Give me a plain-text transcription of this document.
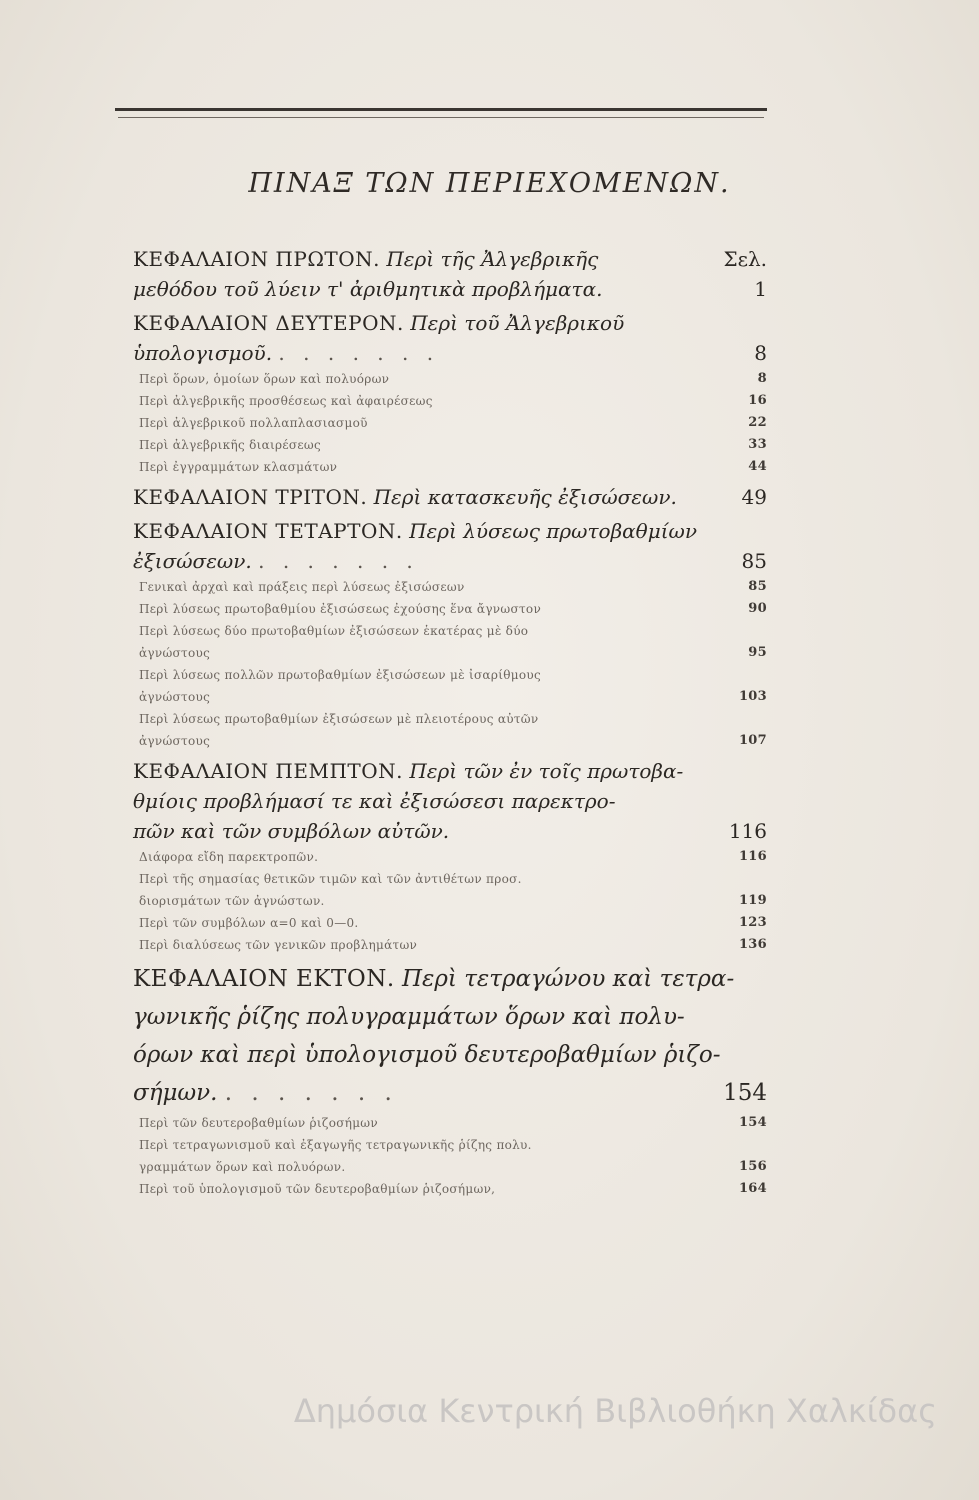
ΠΙΝΑΞ ΤΩΝ ΠΕΡΙΕΧΟΜΕΝΩΝ.
ΚΕΦΑΛΑΙΟΝ ΠΡΩΤΟΝ. Περὶ τῆς Ἀλγεβρικῆς	Σελ.
μεθόδου τοῦ λύειν τ' ἀριθμητικὰ προβλήματα.	1
ΚΕΦΑΛΑΙΟΝ ΔΕΥΤΕΡΟΝ. Περὶ τοῦ Ἀλγεβρικοῦ
ὑπολογισμοῦ. . . . . . . .	8
Περὶ ὅρων, ὁμοίων ὅρων καὶ πολυόρων	8
Περὶ ἀλγεβρικῆς προσθέσεως καὶ ἀφαιρέσεως	16
Περὶ ἀλγεβρικοῦ πολλαπλασιασμοῦ	22
Περὶ ἀλγεβρικῆς διαιρέσεως	33
Περὶ ἐγγραμμάτων κλασμάτων	44
ΚΕΦΑΛΑΙΟΝ ΤΡΙΤΟΝ. Περὶ κατασκευῆς ἐξισώσεων.	49
ΚΕΦΑΛΑΙΟΝ ΤΕΤΑΡΤΟΝ. Περὶ λύσεως πρωτοβαθμίων
ἐξισώσεων. . . . . . . .	85
Γενικαὶ ἀρχαὶ καὶ πράξεις περὶ λύσεως ἐξισώσεων	85
Περὶ λύσεως πρωτοβαθμίου ἐξισώσεως ἐχούσης ἕνα ἄγνωστον	90
Περὶ λύσεως δύο πρωτοβαθμίων ἐξισώσεων ἑκατέρας μὲ δύο
ἀγνώστους	95
Περὶ λύσεως πολλῶν πρωτοβαθμίων ἐξισώσεων μὲ ἰσαρίθμους
ἀγνώστους	103
Περὶ λύσεως πρωτοβαθμίων ἐξισώσεων μὲ πλειοτέρους αὐτῶν
ἀγνώστους	107
ΚΕΦΑΛΑΙΟΝ ΠΕΜΠΤΟΝ. Περὶ τῶν ἐν τοῖς πρωτοβα-
θμίοις προβλήμασί τε καὶ ἐξισώσεσι παρεκτρο-
πῶν καὶ τῶν συμβόλων αὐτῶν.	116
Διάφορα εἴδη παρεκτροπῶν.	116
Περὶ τῆς σημασίας θετικῶν τιμῶν καὶ τῶν ἀντιθέτων προσ.
διορισμάτων τῶν ἀγνώστων.	119
Περὶ τῶν συμβόλων α=0 καὶ 0—0.	123
Περὶ διαλύσεως τῶν γενικῶν προβλημάτων	136
ΚΕΦΑΛΑΙΟΝ ΕΚΤΟΝ. Περὶ τετραγώνου καὶ τετρα-
γωνικῆς ῥίζης πολυγραμμάτων ὅρων καὶ πολυ-
όρων καὶ περὶ ὑπολογισμοῦ δευτεροβαθμίων ῥιζο-
σήμων. . . . . . . .	154
Περὶ τῶν δευτεροβαθμίων ῥιζοσήμων	154
Περὶ τετραγωνισμοῦ καὶ ἐξαγωγῆς τετραγωνικῆς ῥίζης πολυ.
γραμμάτων ὅρων καὶ πολυόρων.	156
Περὶ τοῦ ὑπολογισμοῦ τῶν δευτεροβαθμίων ῥιζοσήμων,	164
Δημόσια Κεντρική Βιβλιοθήκη Χαλκίδας
